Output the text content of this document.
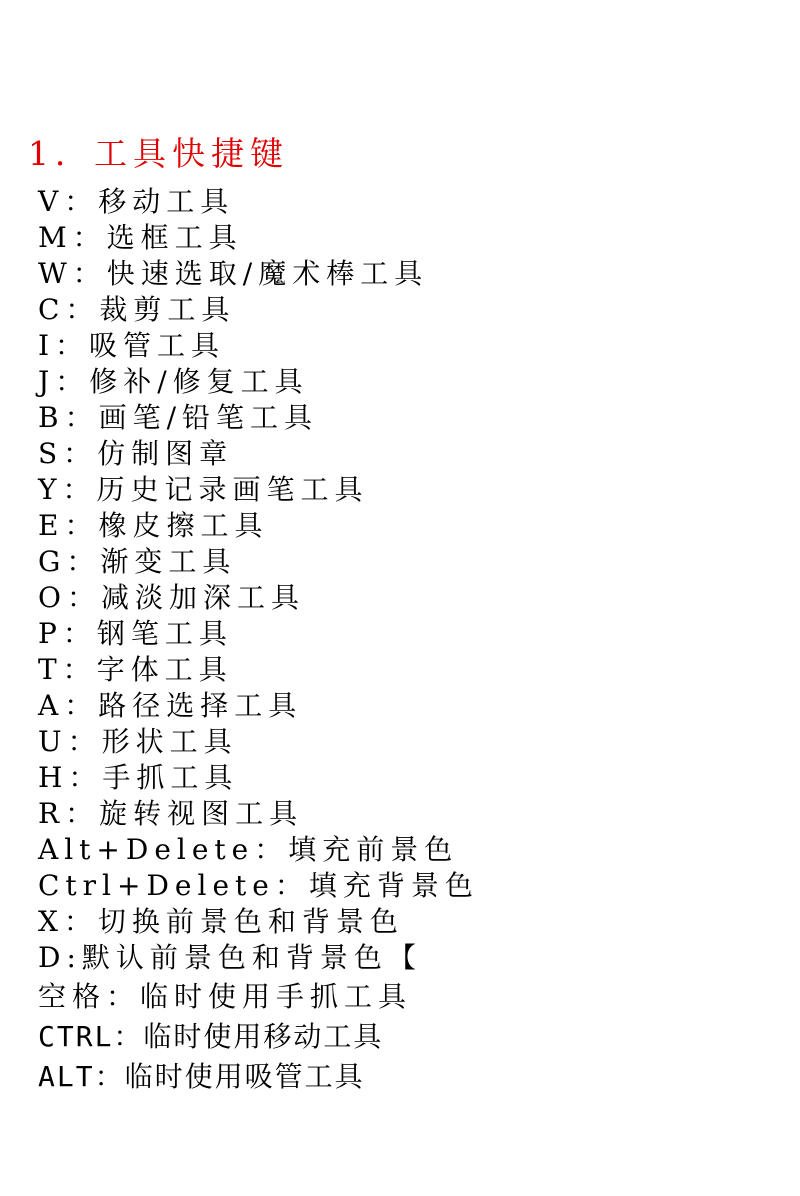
1．工具快捷键
V：移动工具
M：选框工具
W：快速选取/魔术棒工具
C：裁剪工具
I：吸管工具
J：修补/修复工具
B：画笔/铅笔工具
S：仿制图章
Y：历史记录画笔工具
E：橡皮擦工具
G：渐变工具
O：减淡加深工具
P：钢笔工具
T：字体工具
A：路径选择工具
U：形状工具
H：手抓工具
R：旋转视图工具
Alt+Delete：填充前景色
Ctrl+Delete：填充背景色
X：切换前景色和背景色
D:默认前景色和背景色【
空格：临时使用手抓工具
CTRL：临时使用移动工具
ALT：临时使用吸管工具
